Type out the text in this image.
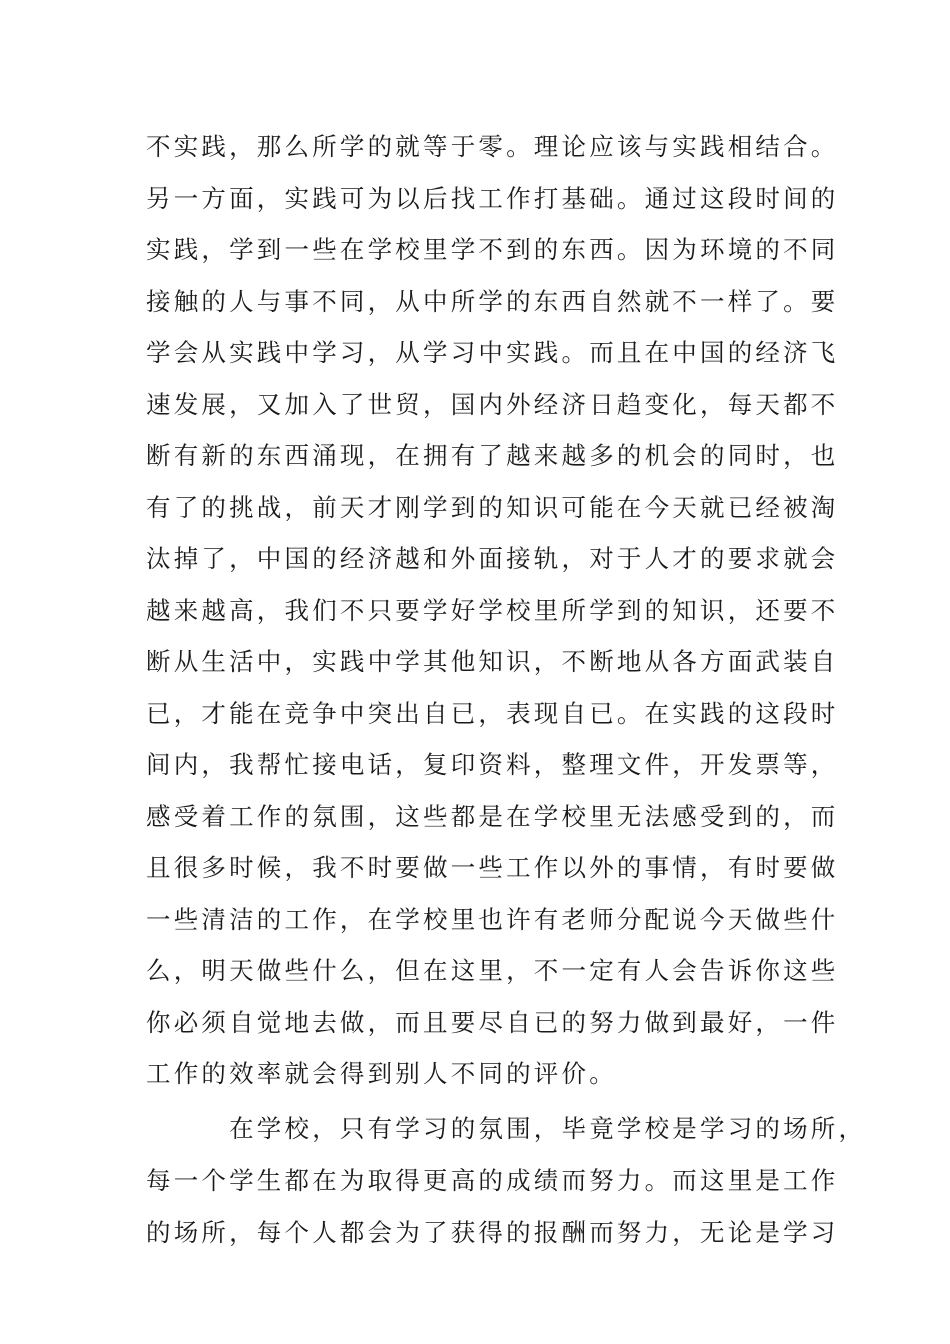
不实践，那么所学的就等于零。理论应该与实践相结合。
另一方面，实践可为以后找工作打基础。通过这段时间的
实践，学到一些在学校里学不到的东西。因为环境的不同
接触的人与事不同，从中所学的东西自然就不一样了。要
学会从实践中学习，从学习中实践。而且在中国的经济飞
速发展，又加入了世贸，国内外经济日趋变化，每天都不
断有新的东西涌现，在拥有了越来越多的机会的同时，也
有了的挑战，前天才刚学到的知识可能在今天就已经被淘
汰掉了，中国的经济越和外面接轨，对于人才的要求就会
越来越高，我们不只要学好学校里所学到的知识，还要不
断从生活中，实践中学其他知识，不断地从各方面武装自
已，才能在竞争中突出自已，表现自已。在实践的这段时
间内，我帮忙接电话，复印资料，整理文件，开发票等，
感受着工作的氛围，这些都是在学校里无法感受到的，而
且很多时候，我不时要做一些工作以外的事情，有时要做
一些清洁的工作，在学校里也许有老师分配说今天做些什
么，明天做些什么，但在这里，不一定有人会告诉你这些
你必须自觉地去做，而且要尽自已的努力做到最好，一件
工作的效率就会得到别人不同的评价。
　　　在学校，只有学习的氛围，毕竟学校是学习的场所，
每一个学生都在为取得更高的成绩而努力。而这里是工作
的场所，每个人都会为了获得的报酬而努力，无论是学习
